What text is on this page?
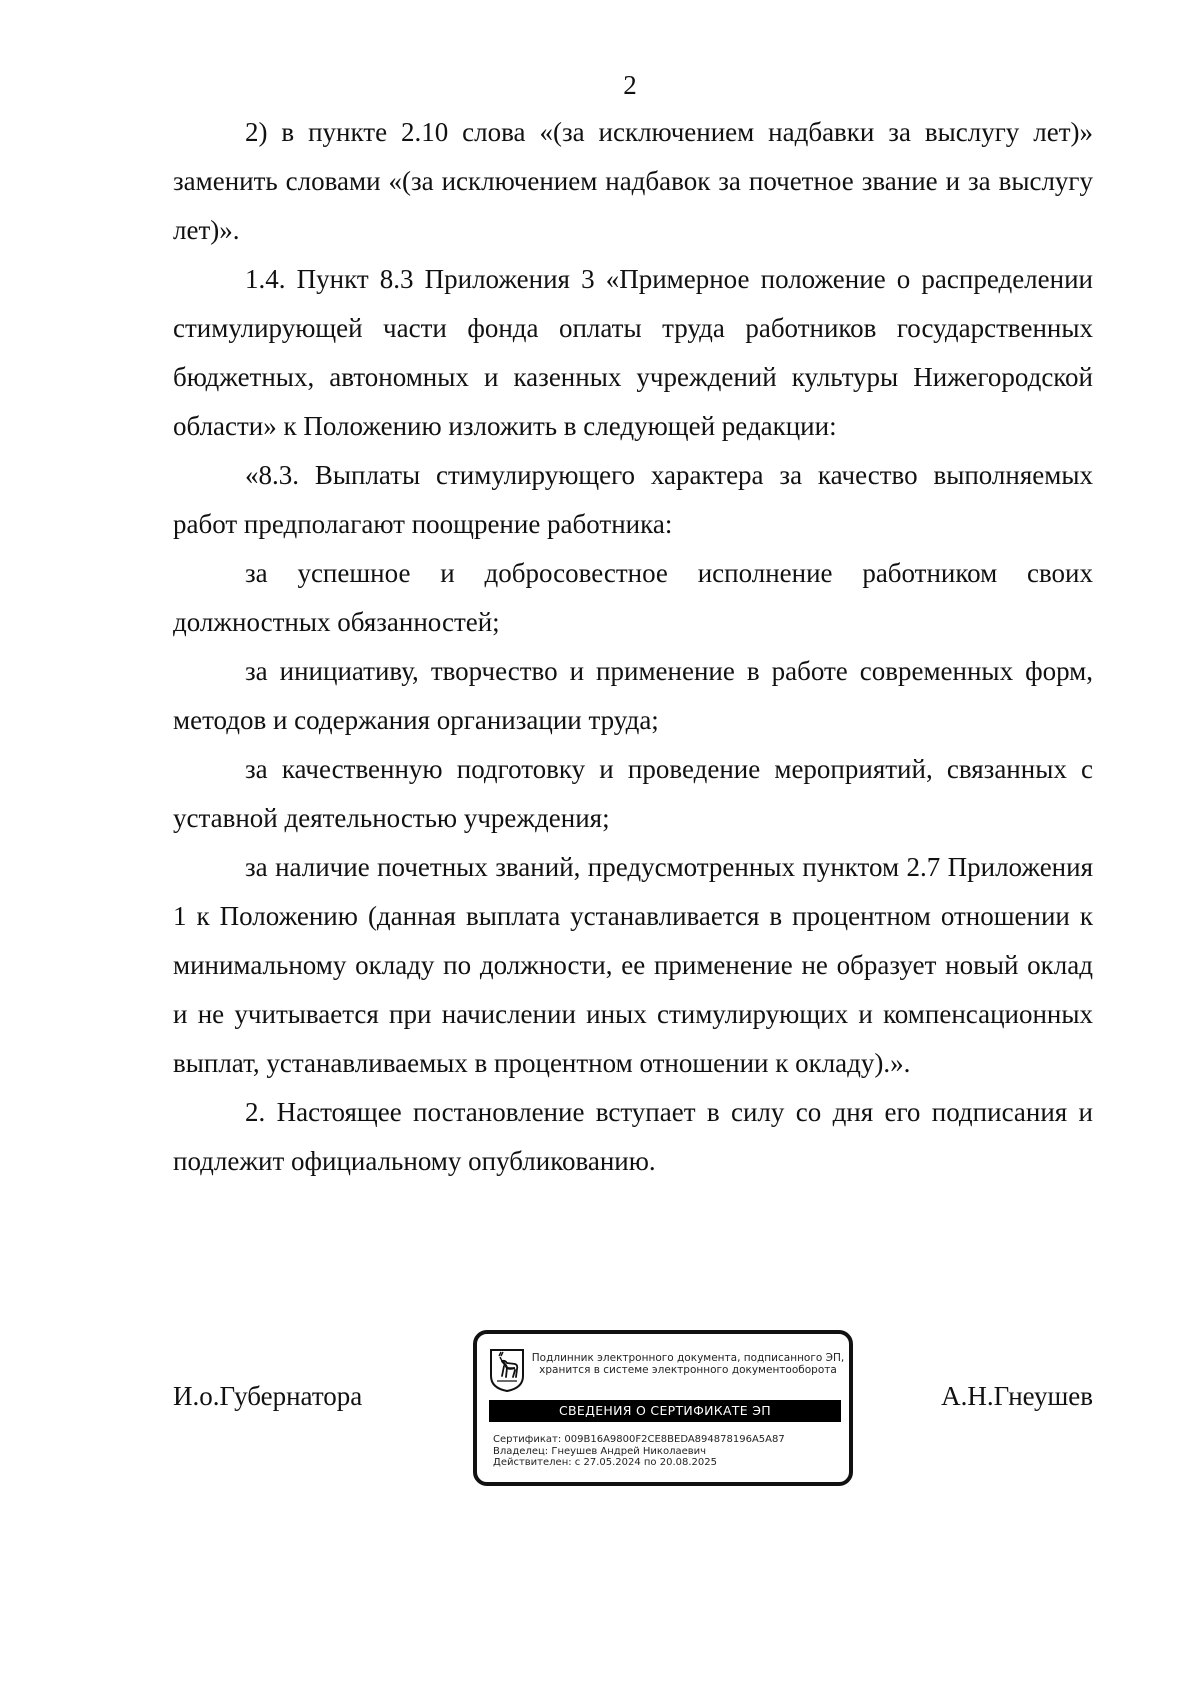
2

2) в пункте 2.10 слова «(за исключением надбавки за выслугу лет)» заменить словами «(за исключением надбавок за почетное звание и за выслугу лет)».

1.4. Пункт 8.3 Приложения 3 «Примерное положение о распределении стимулирующей части фонда оплаты труда работников государственных бюджетных, автономных и казенных учреждений культуры Нижегородской области» к Положению изложить в следующей редакции:

«8.3. Выплаты стимулирующего характера за качество выполняемых работ предполагают поощрение работника:

за успешное и добросовестное исполнение работником своих должностных обязанностей;

за инициативу, творчество и применение в работе современных форм, методов и содержания организации труда;

за качественную подготовку и проведение мероприятий, связанных с уставной деятельностью учреждения;

за наличие почетных званий, предусмотренных пунктом 2.7 Приложения 1 к Положению (данная выплата устанавливается в процентном отношении к минимальному окладу по должности, ее применение не образует новый оклад и не учитывается при начислении иных стимулирующих и компенсационных выплат, устанавливаемых в процентном отношении к окладу).».

2. Настоящее постановление вступает в силу со дня его подписания и подлежит официальному опубликованию.

И.о.Губернатора
Подлинник электронного документа, подписанного ЭП,
хранится в системе электронного документооборота
СВЕДЕНИЯ О СЕРТИФИКАТЕ ЭП
Сертификат: 009B16A9800F2CE8BEDA894878196A5A87
Владелец: Гнеушев Андрей Николаевич
Действителен: с 27.05.2024 по 20.08.2025
А.Н.Гнеушев
